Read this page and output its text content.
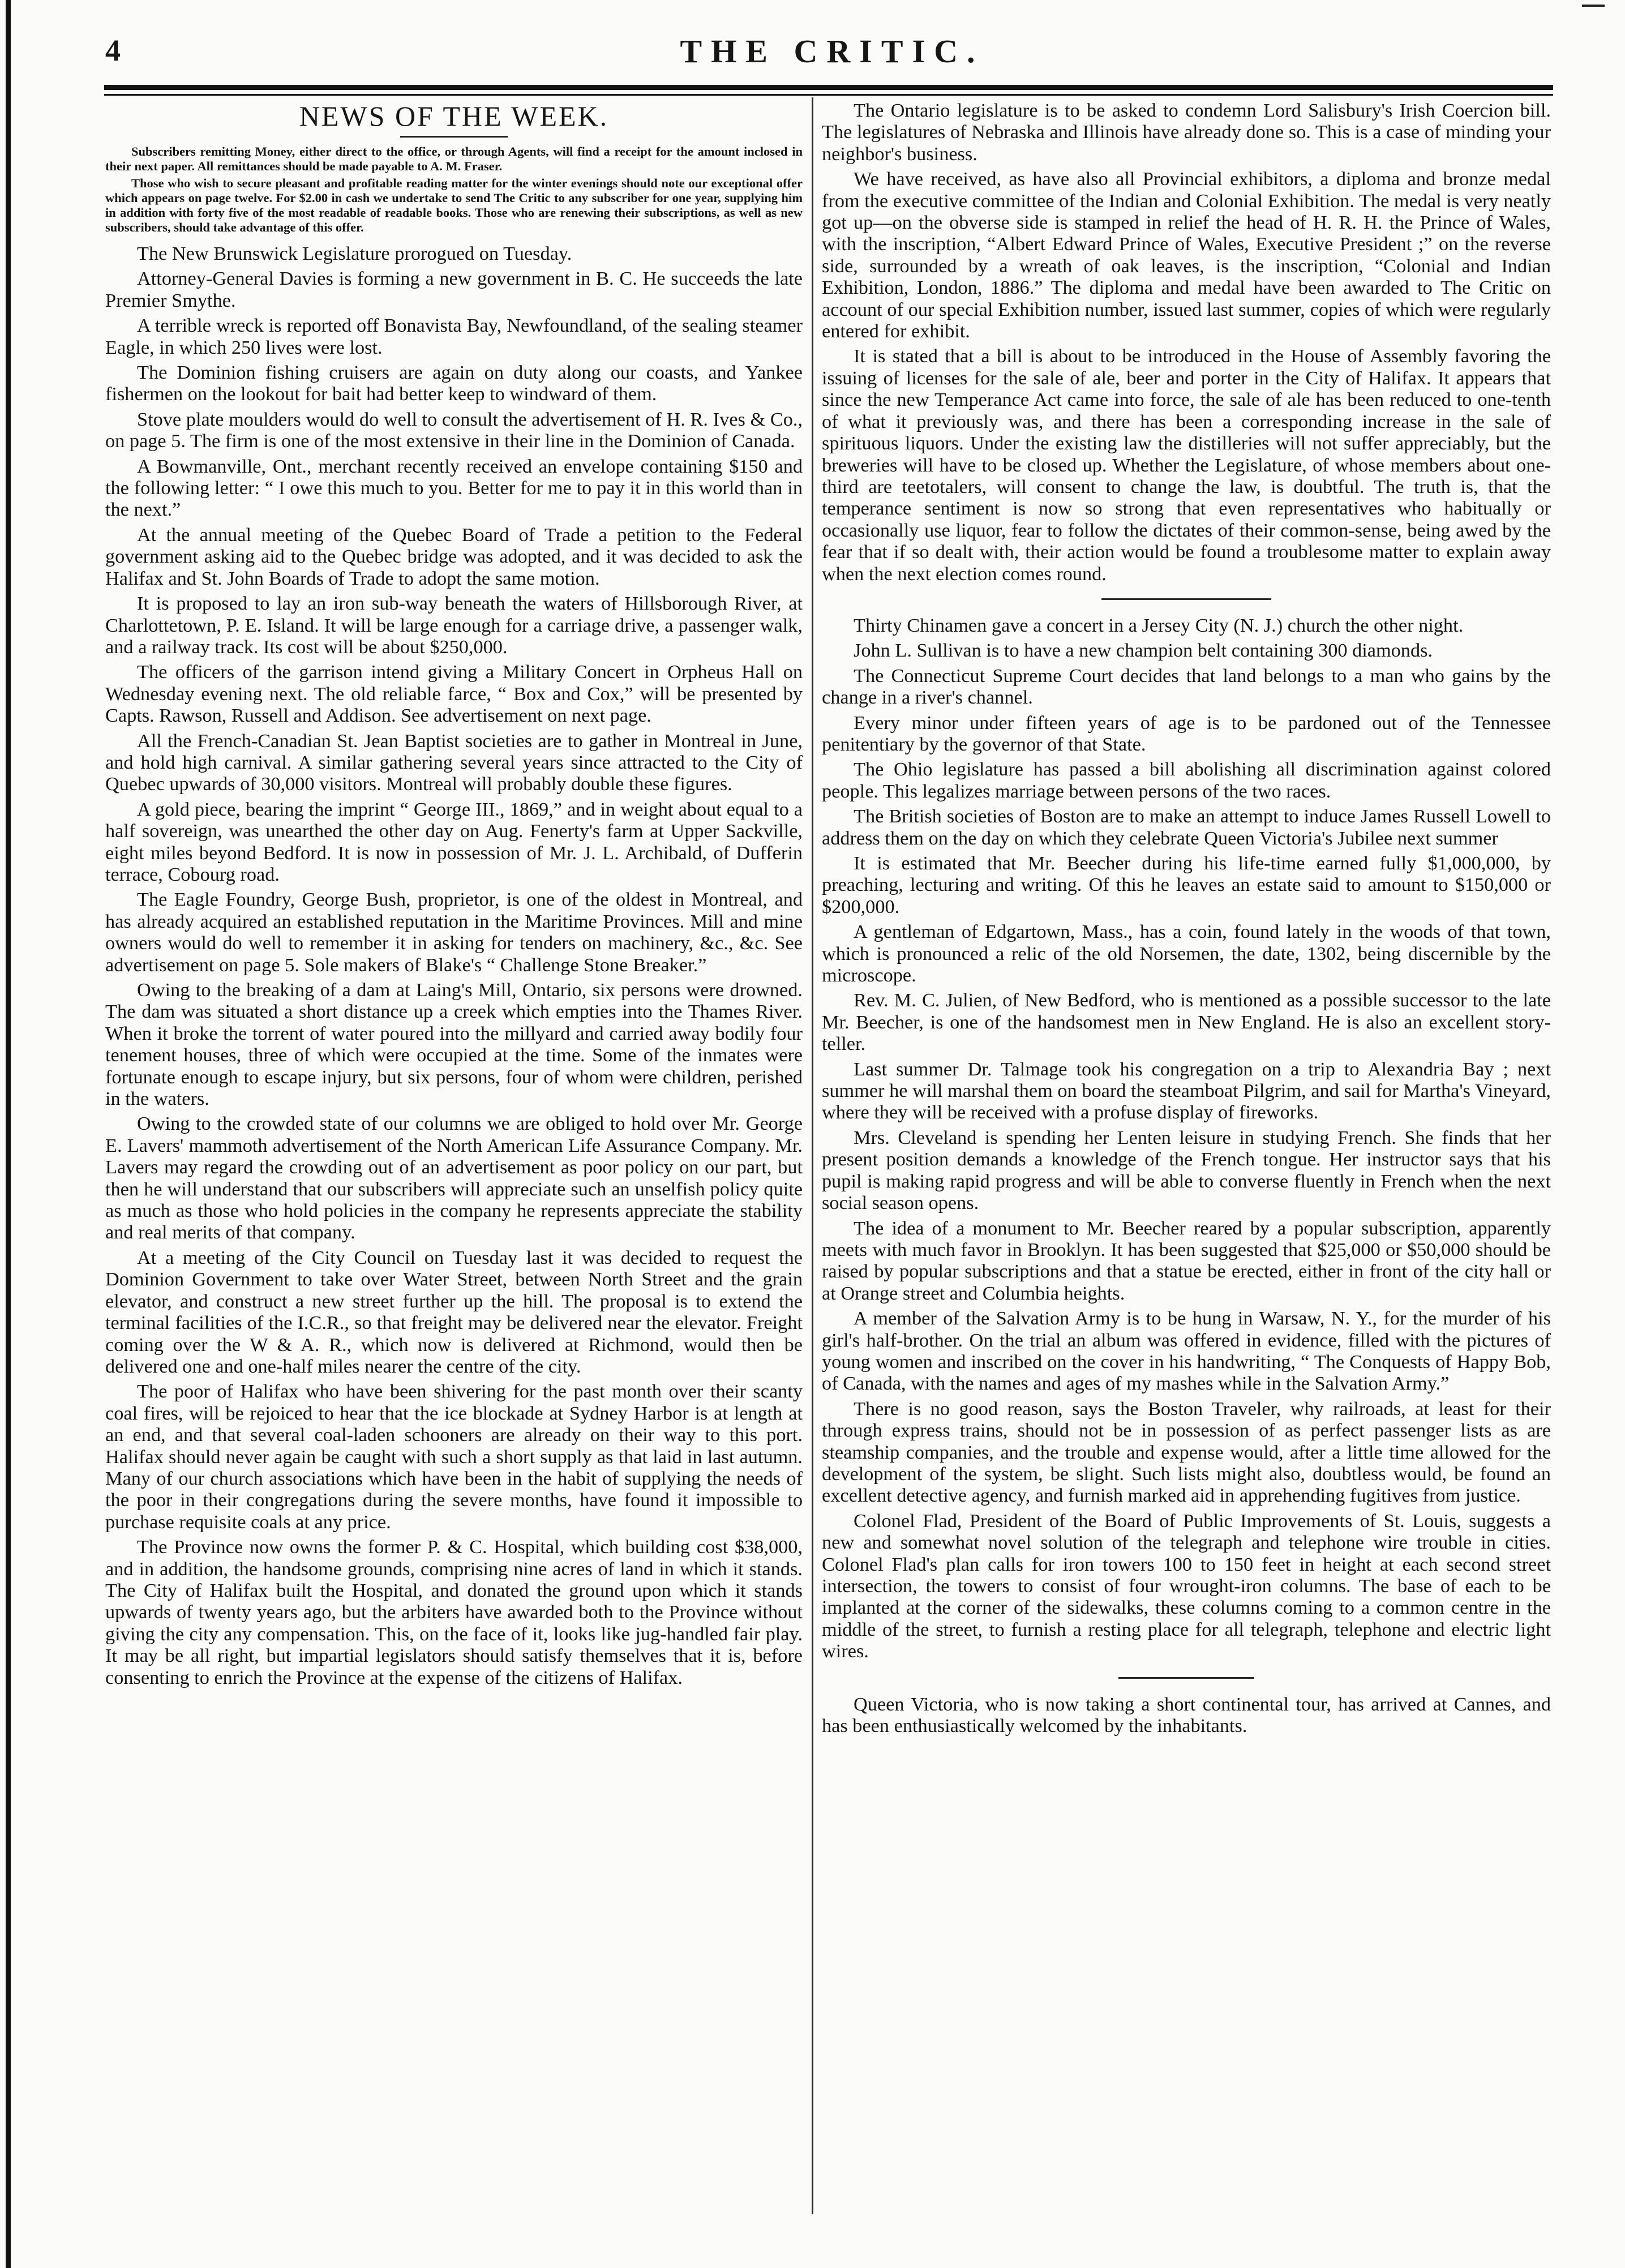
4	THE CRITIC.
NEWS OF THE WEEK.

Subscribers remitting Money, either direct to the office, or through Agents, will find a receipt for the amount inclosed in their next paper. All remittances should be made payable to A. M. Fraser.

Those who wish to secure pleasant and profitable reading matter for the winter evenings should note our exceptional offer which appears on page twelve. For $2.00 in cash we undertake to send The Critic to any subscriber for one year, supplying him in addition with forty five of the most readable of readable books. Those who are renewing their subscriptions, as well as new subscribers, should take advantage of this offer.

The New Brunswick Legislature prorogued on Tuesday.

Attorney-General Davies is forming a new government in B. C. He succeeds the late Premier Smythe.

A terrible wreck is reported off Bonavista Bay, Newfoundland, of the sealing steamer Eagle, in which 250 lives were lost.

The Dominion fishing cruisers are again on duty along our coasts, and Yankee fishermen on the lookout for bait had better keep to windward of them.

Stove plate moulders would do well to consult the advertisement of H. R. Ives & Co., on page 5. The firm is one of the most extensive in their line in the Dominion of Canada.

A Bowmanville, Ont., merchant recently received an envelope containing $150 and the following letter: “ I owe this much to you. Better for me to pay it in this world than in the next.”

At the annual meeting of the Quebec Board of Trade a petition to the Federal government asking aid to the Quebec bridge was adopted, and it was decided to ask the Halifax and St. John Boards of Trade to adopt the same motion.

It is proposed to lay an iron sub-way beneath the waters of Hillsborough River, at Charlottetown, P. E. Island. It will be large enough for a carriage drive, a passenger walk, and a railway track. Its cost will be about $250,000.

The officers of the garrison intend giving a Military Concert in Orpheus Hall on Wednesday evening next. The old reliable farce, “ Box and Cox,” will be presented by Capts. Rawson, Russell and Addison. See advertisement on next page.

All the French-Canadian St. Jean Baptist societies are to gather in Montreal in June, and hold high carnival. A similar gathering several years since attracted to the City of Quebec upwards of 30,000 visitors. Montreal will probably double these figures.

A gold piece, bearing the imprint “ George III., 1869,” and in weight about equal to a half sovereign, was unearthed the other day on Aug. Fenerty's farm at Upper Sackville, eight miles beyond Bedford. It is now in possession of Mr. J. L. Archibald, of Dufferin terrace, Cobourg road.

The Eagle Foundry, George Bush, proprietor, is one of the oldest in Montreal, and has already acquired an established reputation in the Maritime Provinces. Mill and mine owners would do well to remember it in asking for tenders on machinery, &c., &c. See advertisement on page 5. Sole makers of Blake's “ Challenge Stone Breaker.”

Owing to the breaking of a dam at Laing's Mill, Ontario, six persons were drowned. The dam was situated a short distance up a creek which empties into the Thames River. When it broke the torrent of water poured into the millyard and carried away bodily four tenement houses, three of which were occupied at the time. Some of the inmates were fortunate enough to escape injury, but six persons, four of whom were children, perished in the waters.

Owing to the crowded state of our columns we are obliged to hold over Mr. George E. Lavers' mammoth advertisement of the North American Life Assurance Company. Mr. Lavers may regard the crowding out of an advertisement as poor policy on our part, but then he will understand that our subscribers will appreciate such an unselfish policy quite as much as those who hold policies in the company he represents appreciate the stability and real merits of that company.

At a meeting of the City Council on Tuesday last it was decided to request the Dominion Government to take over Water Street, between North Street and the grain elevator, and construct a new street further up the hill. The proposal is to extend the terminal facilities of the I.C.R., so that freight may be delivered near the elevator. Freight coming over the W & A. R., which now is delivered at Richmond, would then be delivered one and one-half miles nearer the centre of the city.

The poor of Halifax who have been shivering for the past month over their scanty coal fires, will be rejoiced to hear that the ice blockade at Sydney Harbor is at length at an end, and that several coal-laden schooners are already on their way to this port. Halifax should never again be caught with such a short supply as that laid in last autumn. Many of our church associations which have been in the habit of supplying the needs of the poor in their congregations during the severe months, have found it impossible to purchase requisite coals at any price.

The Province now owns the former P. & C. Hospital, which building cost $38,000, and in addition, the handsome grounds, comprising nine acres of land in which it stands. The City of Halifax built the Hospital, and donated the ground upon which it stands upwards of twenty years ago, but the arbiters have awarded both to the Province without giving the city any compensation. This, on the face of it, looks like jug-handled fair play. It may be all right, but impartial legislators should satisfy themselves that it is, before consenting to enrich the Province at the expense of the citizens of Halifax.

The Ontario legislature is to be asked to condemn Lord Salisbury's Irish Coercion bill. The legislatures of Nebraska and Illinois have already done so. This is a case of minding your neighbor's business.

We have received, as have also all Provincial exhibitors, a diploma and bronze medal from the executive committee of the Indian and Colonial Exhibition. The medal is very neatly got up—on the obverse side is stamped in relief the head of H. R. H. the Prince of Wales, with the inscription, “Albert Edward Prince of Wales, Executive President ;” on the reverse side, surrounded by a wreath of oak leaves, is the inscription, “Colonial and Indian Exhibition, London, 1886.” The diploma and medal have been awarded to The Critic on account of our special Exhibition number, issued last summer, copies of which were regularly entered for exhibit.

It is stated that a bill is about to be introduced in the House of Assembly favoring the issuing of licenses for the sale of ale, beer and porter in the City of Halifax. It appears that since the new Temperance Act came into force, the sale of ale has been reduced to one-tenth of what it previously was, and there has been a corresponding increase in the sale of spirituous liquors. Under the existing law the distilleries will not suffer appreciably, but the breweries will have to be closed up. Whether the Legislature, of whose members about one-third are teetotalers, will consent to change the law, is doubtful. The truth is, that the temperance sentiment is now so strong that even representatives who habitually or occasionally use liquor, fear to follow the dictates of their common-sense, being awed by the fear that if so dealt with, their action would be found a troublesome matter to explain away when the next election comes round.

Thirty Chinamen gave a concert in a Jersey City (N. J.) church the other night.

John L. Sullivan is to have a new champion belt containing 300 diamonds.

The Connecticut Supreme Court decides that land belongs to a man who gains by the change in a river's channel.

Every minor under fifteen years of age is to be pardoned out of the Tennessee penitentiary by the governor of that State.

The Ohio legislature has passed a bill abolishing all discrimination against colored people. This legalizes marriage between persons of the two races.

The British societies of Boston are to make an attempt to induce James Russell Lowell to address them on the day on which they celebrate Queen Victoria's Jubilee next summer

It is estimated that Mr. Beecher during his life-time earned fully $1,000,000, by preaching, lecturing and writing. Of this he leaves an estate said to amount to $150,000 or $200,000.

A gentleman of Edgartown, Mass., has a coin, found lately in the woods of that town, which is pronounced a relic of the old Norsemen, the date, 1302, being discernible by the microscope.

Rev. M. C. Julien, of New Bedford, who is mentioned as a possible successor to the late Mr. Beecher, is one of the handsomest men in New England. He is also an excellent story-teller.

Last summer Dr. Talmage took his congregation on a trip to Alexandria Bay ; next summer he will marshal them on board the steamboat Pilgrim, and sail for Martha's Vineyard, where they will be received with a profuse display of fireworks.

Mrs. Cleveland is spending her Lenten leisure in studying French. She finds that her present position demands a knowledge of the French tongue. Her instructor says that his pupil is making rapid progress and will be able to converse fluently in French when the next social season opens.

The idea of a monument to Mr. Beecher reared by a popular subscription, apparently meets with much favor in Brooklyn. It has been suggested that $25,000 or $50,000 should be raised by popular subscriptions and that a statue be erected, either in front of the city hall or at Orange street and Columbia heights.

A member of the Salvation Army is to be hung in Warsaw, N. Y., for the murder of his girl's half-brother. On the trial an album was offered in evidence, filled with the pictures of young women and inscribed on the cover in his handwriting, “ The Conquests of Happy Bob, of Canada, with the names and ages of my mashes while in the Salvation Army.”

There is no good reason, says the Boston Traveler, why railroads, at least for their through express trains, should not be in possession of as perfect passenger lists as are steamship companies, and the trouble and expense would, after a little time allowed for the development of the system, be slight. Such lists might also, doubtless would, be found an excellent detective agency, and furnish marked aid in apprehending fugitives from justice.

Colonel Flad, President of the Board of Public Improvements of St. Louis, suggests a new and somewhat novel solution of the telegraph and telephone wire trouble in cities. Colonel Flad's plan calls for iron towers 100 to 150 feet in height at each second street intersection, the towers to consist of four wrought-iron columns. The base of each to be implanted at the corner of the sidewalks, these columns coming to a common centre in the middle of the street, to furnish a resting place for all telegraph, telephone and electric light wires.

Queen Victoria, who is now taking a short continental tour, has arrived at Cannes, and has been enthusiastically welcomed by the inhabitants.
